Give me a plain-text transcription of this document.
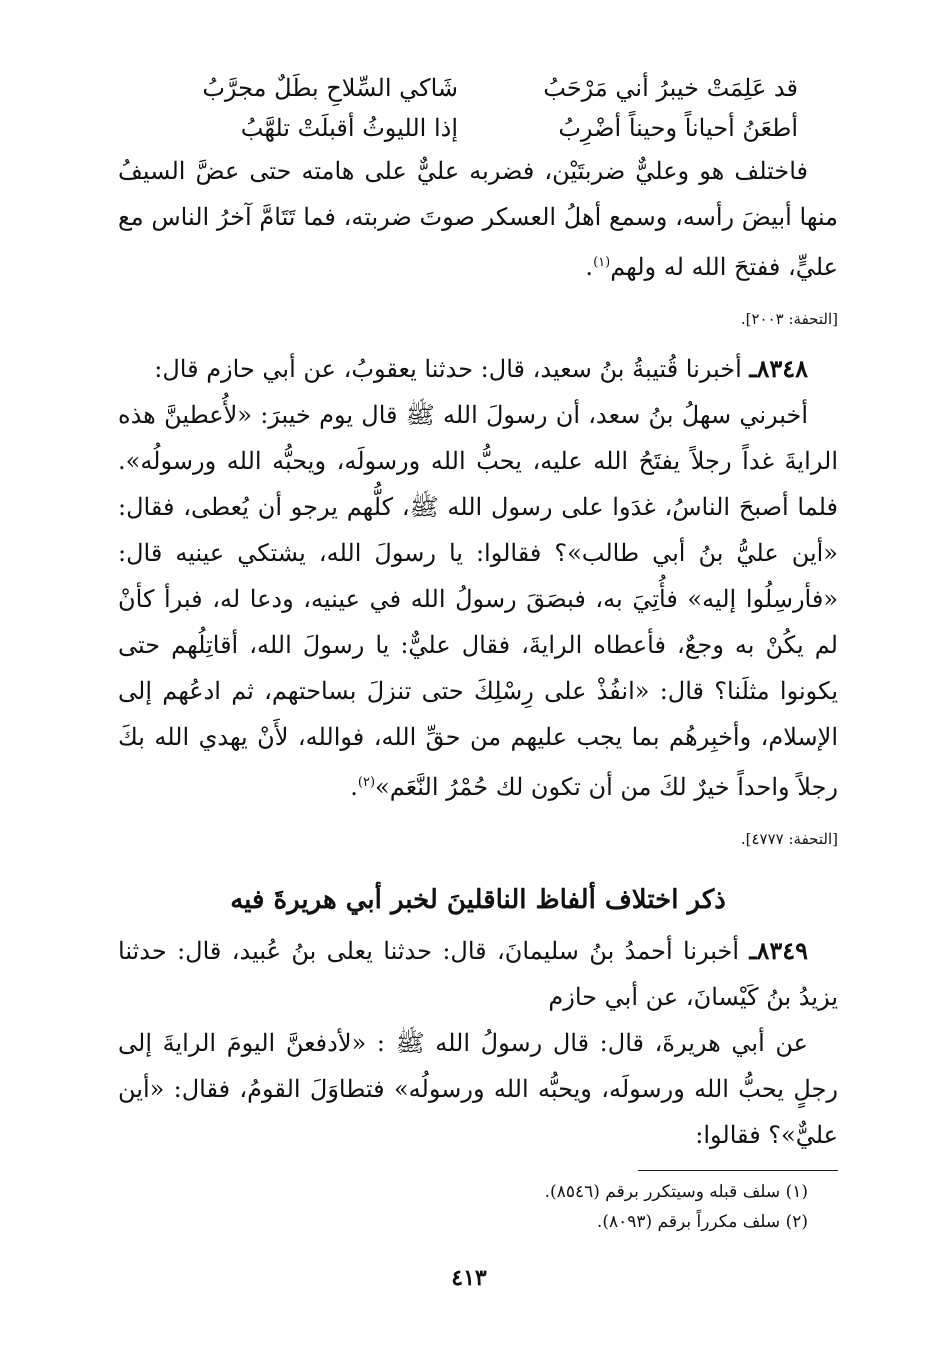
قد عَلِمَتْ خيبرُ أني مَرْحَبُ
شَاكي السِّلاحِ بطَلٌ مجرَّبُ
أطعَنُ أحياناً وحيناً أضْرِبُ
إذا الليوثُ أقبلَتْ تلهَّبُ

فاختلف هو وعليٌّ ضربتَيْن، فضربه عليٌّ على هامته حتى عضَّ السيفُ منها أبيضَ رأسه، وسمع أهلُ العسكر صوتَ ضربته، فما تَتَامَّ آخرُ الناس مع عليٍّ، ففتحَ الله له ولهم$^{(١)}$.

[التحفة: ٢٠٠٣].

٨٣٤٨ـ أخبرنا قُتيبةُ بنُ سعيد، قال: حدثنا يعقوبُ، عن أبي حازم قال:

أخبرني سهلُ بنُ سعد، أن رسولَ الله ﷺ قال يوم خيبرَ: «لأُعطينَّ هذه الرايةَ غداً رجلاً يفتَحُ الله عليه، يحبُّ الله ورسولَه، ويحبُّه الله ورسولُه». فلما أصبحَ الناسُ، غدَوا على رسول الله ﷺ، كلُّهم يرجو أن يُعطى، فقال: «أين عليُّ بنُ أبي طالب»؟ فقالوا: يا رسولَ الله، يشتكي عينيه قال: «فأرسِلُوا إليه» فأُتِيَ به، فبصَقَ رسولُ الله في عينيه، ودعا له، فبرأ كأنْ لم يكُنْ به وجعٌ، فأعطاه الرايةَ، فقال عليٌّ: يا رسولَ الله، أقاتِلُهم حتى يكونوا مثلَنا؟ قال: «انفُذْ على رِسْلِكَ حتى تنزلَ بساحتهم، ثم ادعُهم إلى الإسلام، وأخبِرهُم بما يجب عليهم من حقِّ الله، فوالله، لأَنْ يهدي الله بكَ رجلاً واحداً خيرٌ لكَ من أن تكون لك حُمْرُ النَّعَم»$^{(٢)}$.

[التحفة: ٤٧٧٧].
ذكر اختلاف ألفاظ الناقلينَ لخبر أبي هريرةَ فيه

٨٣٤٩ـ أخبرنا أحمدُ بنُ سليمانَ، قال: حدثنا يعلى بنُ عُبيد، قال: حدثنا يزيدُ بنُ كَيْسانَ، عن أبي حازم

عن أبي هريرةَ، قال: قال رسولُ الله ﷺ : «لأدفعنَّ اليومَ الرايةَ إلى رجلٍ يحبُّ الله ورسولَه، ويحبُّه الله ورسولُه» فتطاوَلَ القومُ، فقال: «أين عليٌّ»؟ فقالوا:

(١) سلف قبله وسيتكرر برقم (٨٥٤٦).
(٢) سلف مكرراً برقم (٨٠٩٣).
٤١٣
